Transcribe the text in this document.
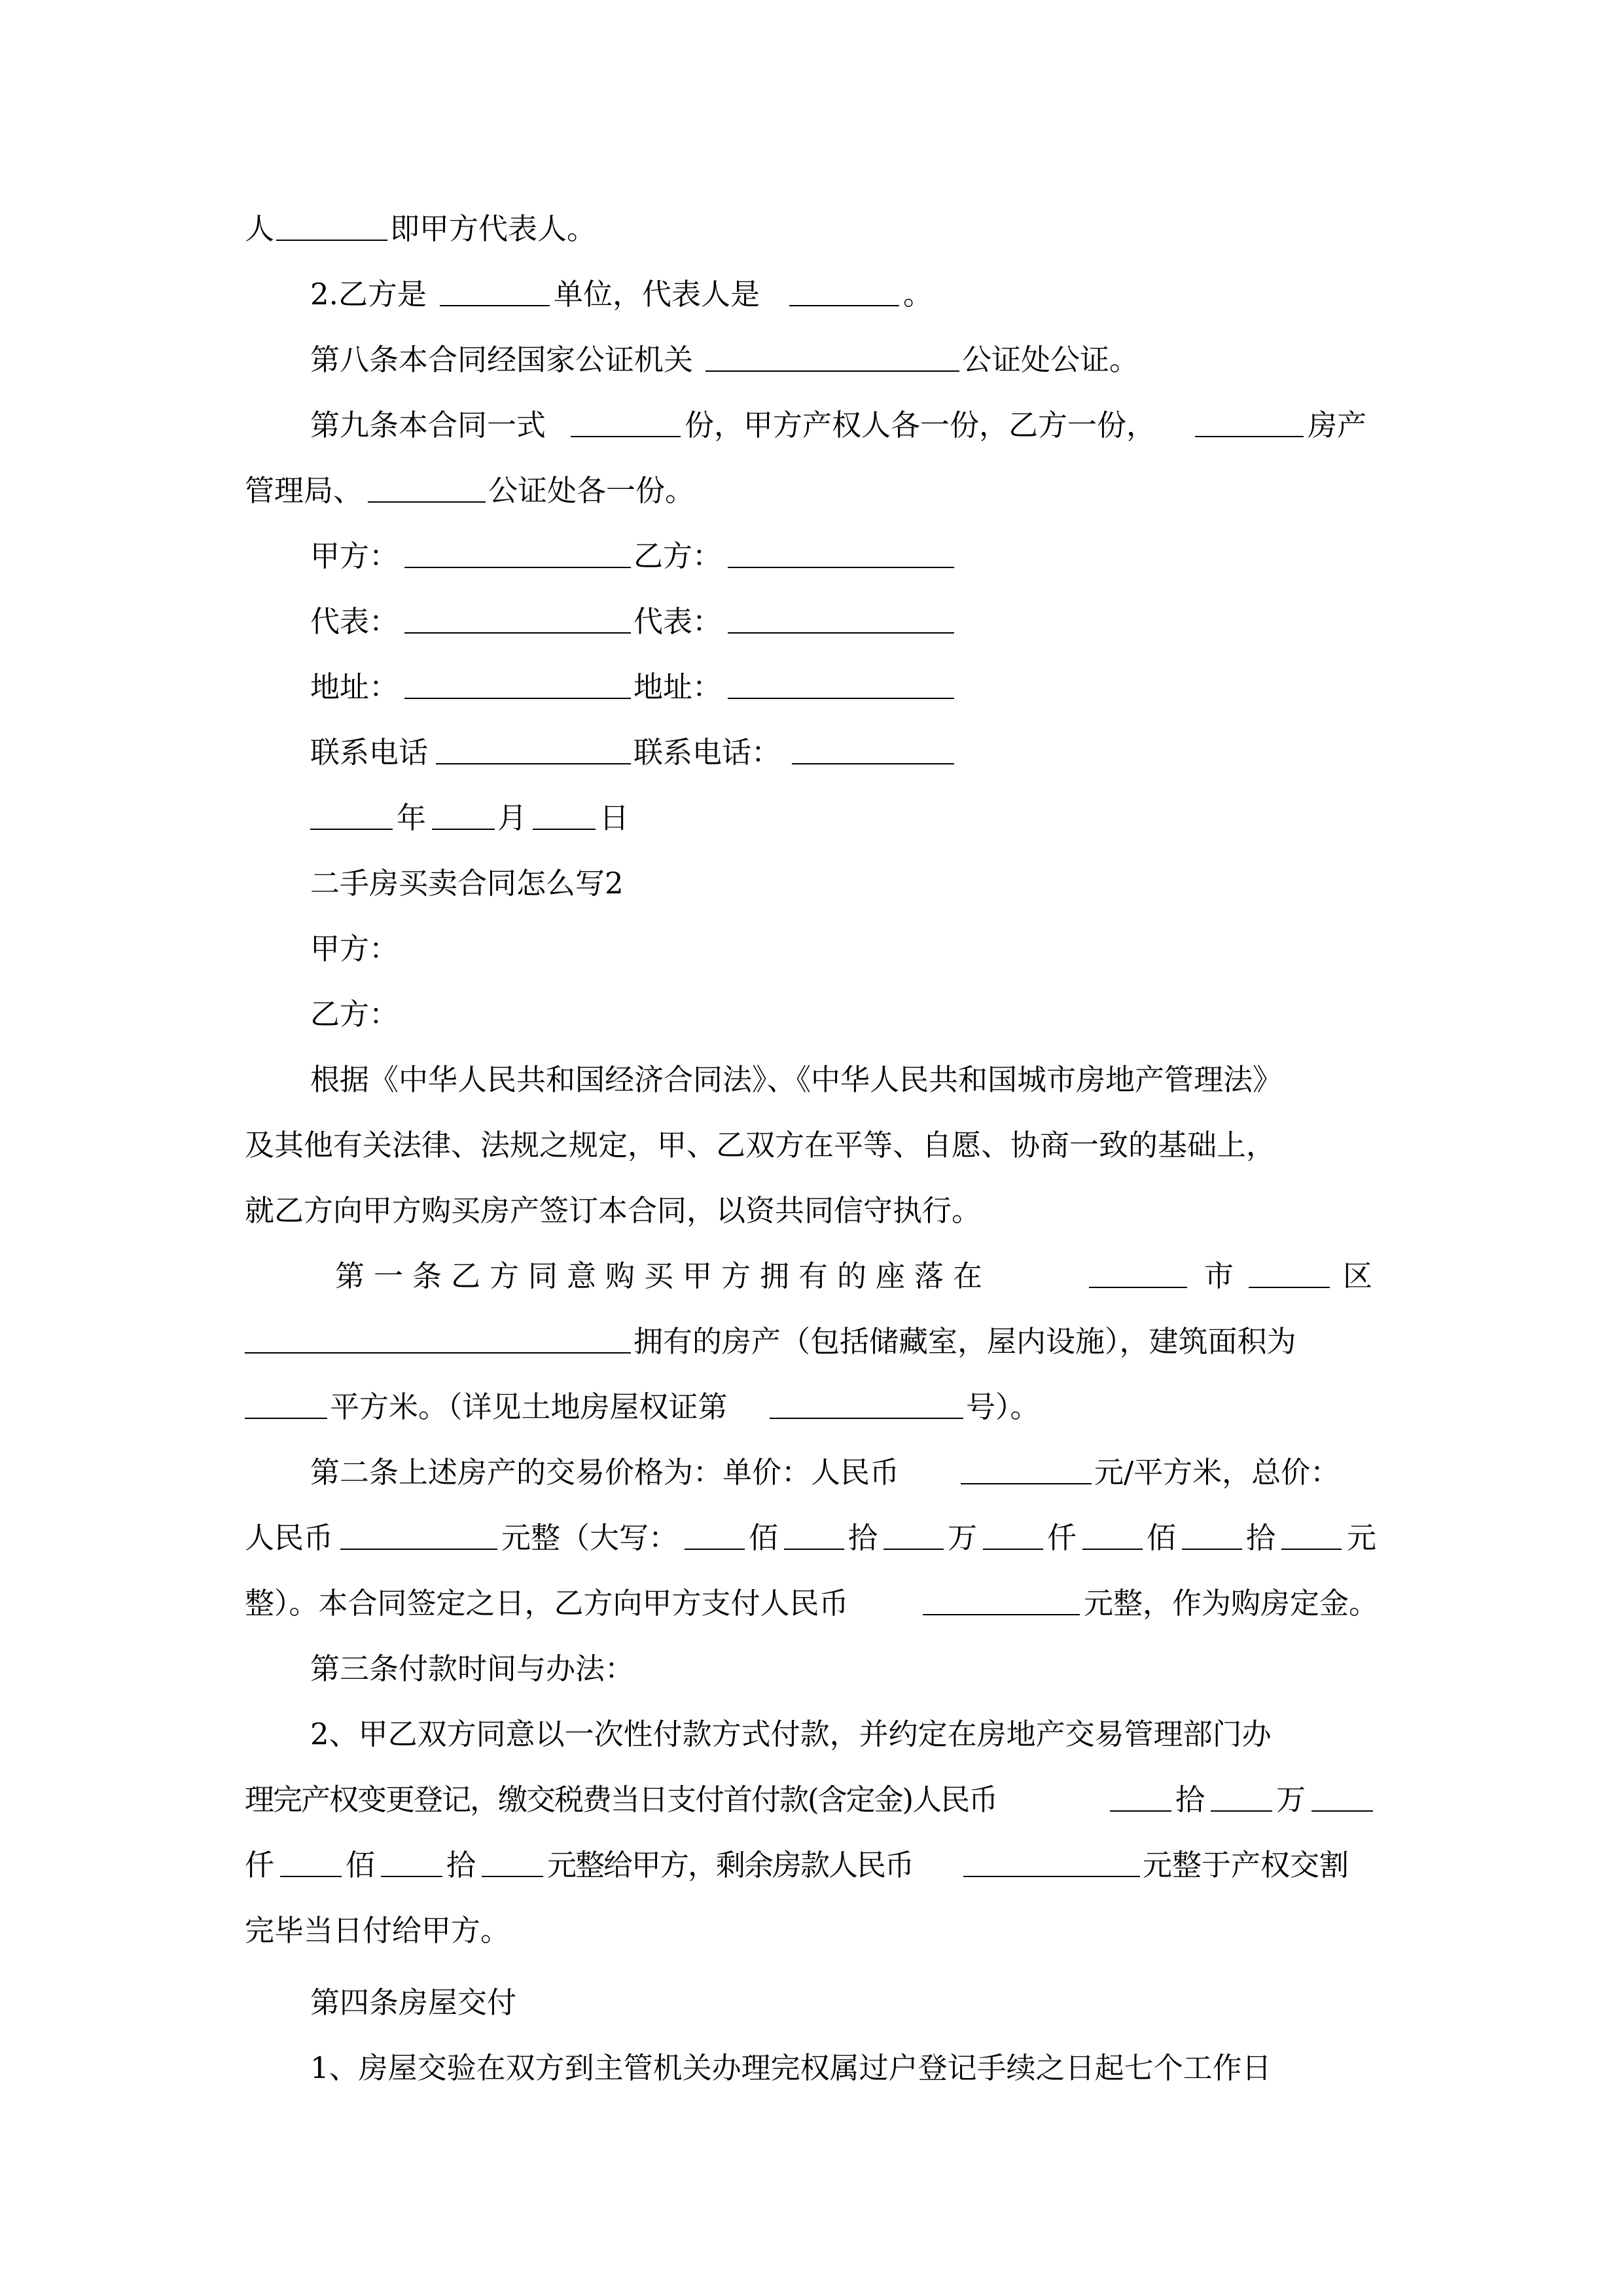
人	即甲方代表人。
2.乙方是	单位，代表人是	。
第八条本合同经国家公证机关	公证处公证。
第九条本合同一式	份，甲方产权人各一份，乙方一份，	房产
管理局、	公证处各一份。
甲方：	乙方：
代表：	代表：
地址：	地址：
联系电话	联系电话：
年 月 日
二手房买卖合同怎么写2
甲方：
乙方：
根据《中华人民共和国经济合同法》、《中华人民共和国城市房地产管理法》
及其他有关法律、法规之规定，甲、乙双方在平等、自愿、协商一致的基础上，
就乙方向甲方购买房产签订本合同，以资共同信守执行。
第一条乙方同意购买甲方拥有的座落在	市	区
拥有的房产（包括储藏室，屋内设施），建筑面积为
平方米。（详见土地房屋权证第	号）。
第二条上述房产的交易价格为：单价：人民币	元/平方米，总价：
人民币	元整（大写： 佰 拾 万 仟 佰 拾 元
整）。本合同签定之日，乙方向甲方支付人民币	元整，作为购房定金。
第三条付款时间与办法：
2、甲乙双方同意以一次性付款方式付款，并约定在房地产交易管理部门办
理完产权变更登记，缴交税费当日支付首付款(含定金)人民币	拾 万
仟 佰 拾 元整给甲方，剩余房款人民币	元整于产权交割
完毕当日付给甲方。
第四条房屋交付
1、房屋交验在双方到主管机关办理完权属过户登记手续之日起七个工作日
